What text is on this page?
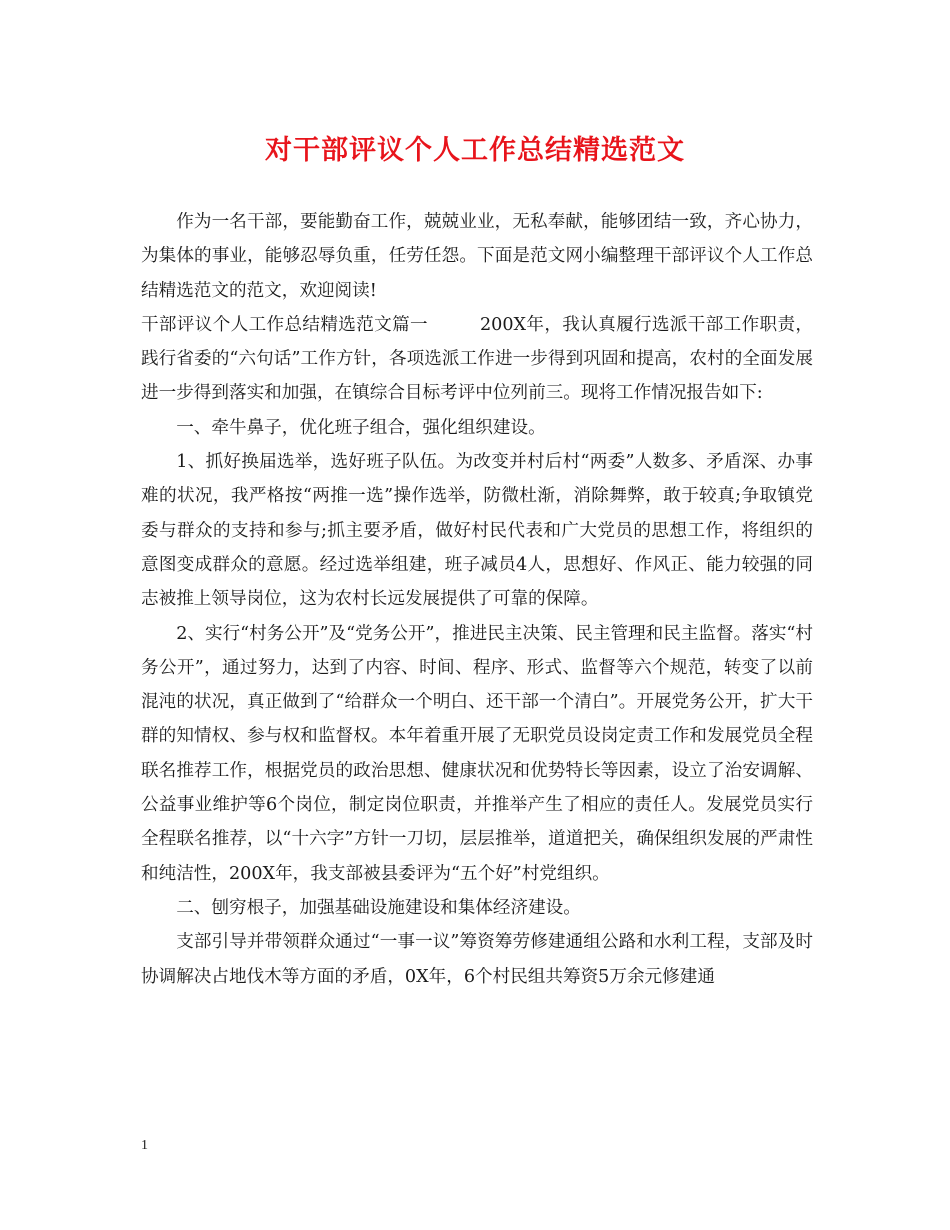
对干部评议个人工作总结精选范文

作为一名干部，要能勤奋工作，兢兢业业，无私奉献，能够团结一致，齐心协力，为集体的事业，能够忍辱负重，任劳任怨。下面是范文网小编整理干部评议个人工作总结精选范文的范文，欢迎阅读!

干部评议个人工作总结精选范文篇一	200X年，我认真履行选派干部工作职责，践行省委的“六句话”工作方针，各项选派工作进一步得到巩固和提高，农村的全面发展进一步得到落实和加强，在镇综合目标考评中位列前三。现将工作情况报告如下:

一、牵牛鼻子，优化班子组合，强化组织建设。

1、抓好换届选举，选好班子队伍。为改变并村后村“两委”人数多、矛盾深、办事难的状况，我严格按“两推一选”操作选举，防微杜渐，消除舞弊，敢于较真;争取镇党委与群众的支持和参与;抓主要矛盾，做好村民代表和广大党员的思想工作，将组织的意图变成群众的意愿。经过选举组建，班子减员4人，思想好、作风正、能力较强的同志被推上领导岗位，这为农村长远发展提供了可靠的保障。

2、实行“村务公开”及“党务公开”，推进民主决策、民主管理和民主监督。落实“村务公开”，通过努力，达到了内容、时间、程序、形式、监督等六个规范，转变了以前混沌的状况，真正做到了“给群众一个明白、还干部一个清白”。开展党务公开，扩大干群的知情权、参与权和监督权。本年着重开展了无职党员设岗定责工作和发展党员全程联名推荐工作，根据党员的政治思想、健康状况和优势特长等因素，设立了治安调解、公益事业维护等6个岗位，制定岗位职责，并推举产生了相应的责任人。发展党员实行全程联名推荐，以“十六字”方针一刀切，层层推举，道道把关，确保组织发展的严肃性和纯洁性，200X年，我支部被县委评为“五个好”村党组织。

二、刨穷根子，加强基础设施建设和集体经济建设。

支部引导并带领群众通过“一事一议”筹资筹劳修建通组公路和水利工程，支部及时协调解决占地伐木等方面的矛盾，0X年，6个村民组共筹资5万余元修建通

1
